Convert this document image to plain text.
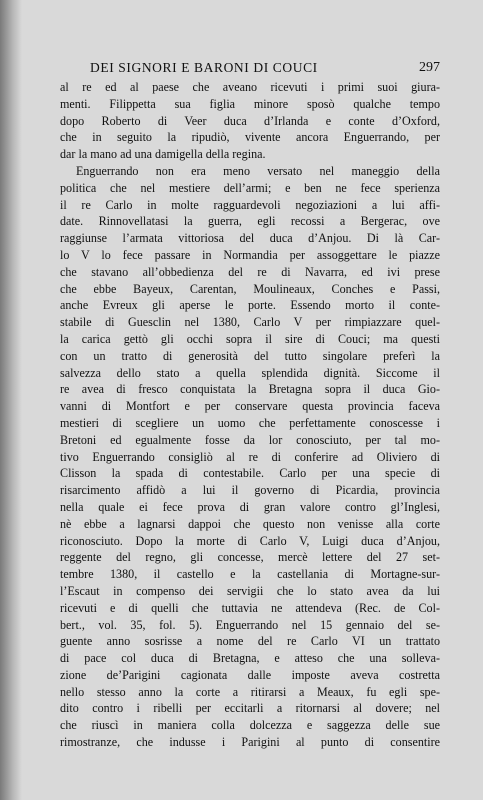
DEI SIGNORI E BARONI DI COUCI	297
al re ed al paese che aveano ricevuti i primi suoi giura-
menti. Filippetta sua figlia minore sposò qualche tempo
dopo Roberto di Veer duca d’Irlanda e conte d’Oxford,
che in seguito la ripudiò, vivente ancora Enguerrando, per
dar la mano ad una damigella della regina.
Enguerrando non era meno versato nel maneggio della
politica che nel mestiere dell’armi; e ben ne fece sperienza
il re Carlo in molte ragguardevoli negoziazioni a lui affi-
date. Rinnovellatasi la guerra, egli recossi a Bergerac, ove
raggiunse l’armata vittoriosa del duca d’Anjou. Di là Car-
lo V lo fece passare in Normandia per assoggettare le piazze
che stavano all’obbedienza del re di Navarra, ed ivi prese
che ebbe Bayeux, Carentan, Moulineaux, Conches e Passi,
anche Evreux gli aperse le porte. Essendo morto il conte-
stabile di Guesclin nel 1380, Carlo V per rimpiazzare quel-
la carica gettò gli occhi sopra il sire di Couci; ma questi
con un tratto di generosità del tutto singolare preferì la
salvezza dello stato a quella splendida dignità. Siccome il
re avea di fresco conquistata la Bretagna sopra il duca Gio-
vanni di Montfort e per conservare questa provincia faceva
mestieri di scegliere un uomo che perfettamente conoscesse i
Bretoni ed egualmente fosse da lor conosciuto, per tal mo-
tivo Enguerrando consigliò al re di conferire ad Oliviero di
Clisson la spada di contestabile. Carlo per una specie di
risarcimento affidò a lui il governo di Picardia, provincia
nella quale ei fece prova di gran valore contro gl’Inglesi,
nè ebbe a lagnarsi dappoi che questo non venisse alla corte
riconosciuto. Dopo la morte di Carlo V, Luigi duca d’Anjou,
reggente del regno, gli concesse, mercè lettere del 27 set-
tembre 1380, il castello e la castellania di Mortagne-sur-
l’Escaut in compenso dei servigii che lo stato avea da lui
ricevuti e di quelli che tuttavia ne attendeva (Rec. de Col-
bert., vol. 35, fol. 5). Enguerrando nel 15 gennaio del se-
guente anno sosrisse a nome del re Carlo VI un trattato
di pace col duca di Bretagna, e atteso che una solleva-
zione de’Parigini cagionata dalle imposte aveva costretta
nello stesso anno la corte a ritirarsi a Meaux, fu egli spe-
dito contro i ribelli per eccitarli a ritornarsi al dovere; nel
che riuscì in maniera colla dolcezza e saggezza delle sue
rimostranze, che indusse i Parigini al punto di consentire
